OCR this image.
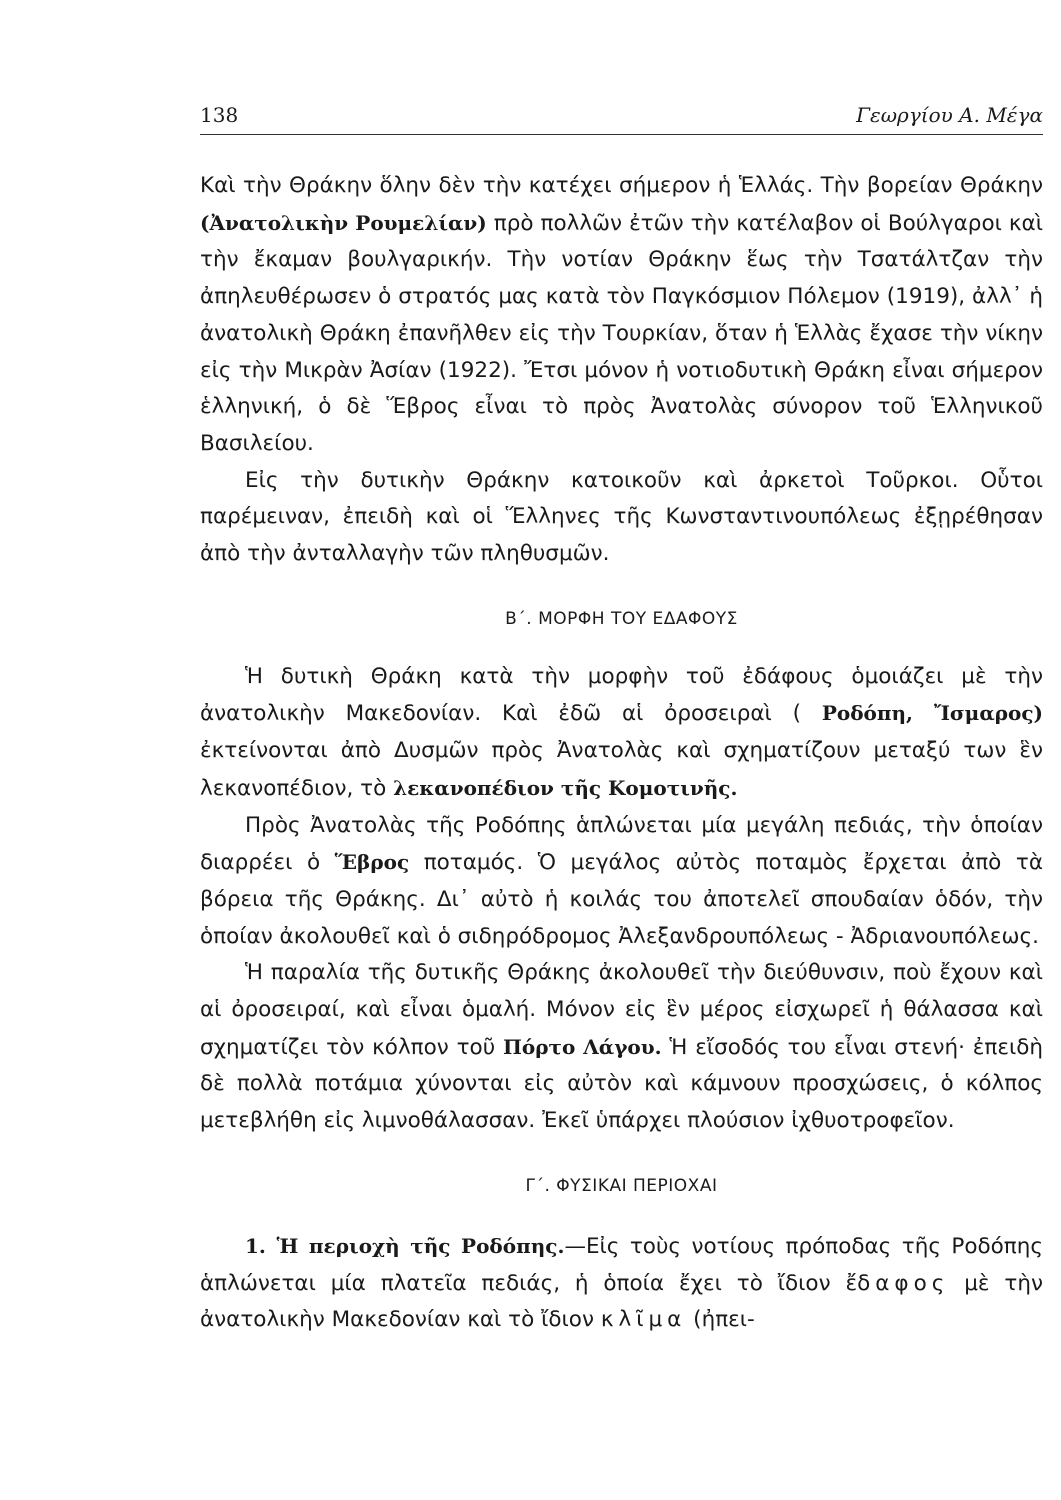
138	Γεωργίου Α. Μέγα

Καὶ τὴν Θράκην ὅλην δὲν τὴν κατέχει σήμερον ἡ Ἑλλάς. Τὴν βορείαν Θράκην (Ἀνατολικὴν Ρουμελίαν) πρὸ πολλῶν ἐτῶν τὴν κατέλαβον οἱ Βούλγαροι καὶ τὴν ἔκαμαν βουλγαρικήν. Τὴν νοτίαν Θράκην ἕως τὴν Τσατάλτζαν τὴν ἀπηλευθέρωσεν ὁ στρατός μας κατὰ τὸν Παγκόσμιον Πόλεμον (1919), ἀλλ᾽ ἡ ἀνατολικὴ Θράκη ἐπανῆλθεν εἰς τὴν Τουρκίαν, ὅταν ἡ Ἑλλὰς ἔχασε τὴν νίκην εἰς τὴν Μικρὰν Ἀσίαν (1922). Ἔτσι μόνον ἡ νοτιοδυτικὴ Θράκη εἶναι σήμερον ἑλληνική, ὁ δὲ Ἕβρος εἶναι τὸ πρὸς Ἀνατολὰς σύνορον τοῦ Ἑλληνικοῦ Βασιλείου.

Εἰς τὴν δυτικὴν Θράκην κατοικοῦν καὶ ἀρκετοὶ Τοῦρκοι. Οὗτοι παρέμειναν, ἐπειδὴ καὶ οἱ Ἕλληνες τῆς Κωνσταντινουπόλεως ἐξῃρέθησαν ἀπὸ τὴν ἀνταλλαγὴν τῶν πληθυσμῶν.

Β΄. ΜΟΡΦΗ ΤΟΥ ΕΔΑΦΟΥΣ

Ἡ δυτικὴ Θράκη κατὰ τὴν μορφὴν τοῦ ἐδάφους ὁμοιάζει μὲ τὴν ἀνατολικὴν Μακεδονίαν. Καὶ ἐδῶ αἱ ὀροσειραὶ ( Ροδόπη, Ἴσμαρος) ἐκτείνονται ἀπὸ Δυσμῶν πρὸς Ἀνατολὰς καὶ σχηματίζουν μεταξύ των ἓν λεκανοπέδιον, τὸ λεκανοπέδιον τῆς Κομοτινῆς.

Πρὸς Ἀνατολὰς τῆς Ροδόπης ἁπλώνεται μία μεγάλη πεδιάς, τὴν ὁποίαν διαρρέει ὁ Ἕβρος ποταμός. Ὁ μεγάλος αὐτὸς ποταμὸς ἔρχεται ἀπὸ τὰ βόρεια τῆς Θράκης. Δι᾽ αὐτὸ ἡ κοιλάς του ἀποτελεῖ σπουδαίαν ὁδόν, τὴν ὁποίαν ἀκολουθεῖ καὶ ὁ σιδηρόδρομος Ἀλεξανδρουπόλεως - Ἀδριανουπόλεως.

Ἡ παραλία τῆς δυτικῆς Θράκης ἀκολουθεῖ τὴν διεύθυνσιν, ποὺ ἔχουν καὶ αἱ ὀροσειραί, καὶ εἶναι ὁμαλή. Μόνον εἰς ἓν μέρος εἰσχωρεῖ ἡ θάλασσα καὶ σχηματίζει τὸν κόλπον τοῦ Πόρτο Λάγου. Ἡ εἴσοδός του εἶναι στενή· ἐπειδὴ δὲ πολλὰ ποτάμια χύνονται εἰς αὐτὸν καὶ κάμνουν προσχώσεις, ὁ κόλπος μετεβλήθη εἰς λιμνοθάλασσαν. Ἐκεῖ ὑπάρχει πλούσιον ἰχθυοτροφεῖον.

Γ΄. ΦΥΣΙΚΑΙ ΠΕΡΙΟΧΑΙ

1. Ἡ περιοχὴ τῆς Ροδόπης.—Εἰς τοὺς νοτίους πρόποδας τῆς Ροδόπης ἁπλώνεται μία πλατεῖα πεδιάς, ἡ ὁποία ἔχει τὸ ἴδιον ἔδαφος μὲ τὴν ἀνατολικὴν Μακεδονίαν καὶ τὸ ἴδιον κλῖμα (ἠπει-
